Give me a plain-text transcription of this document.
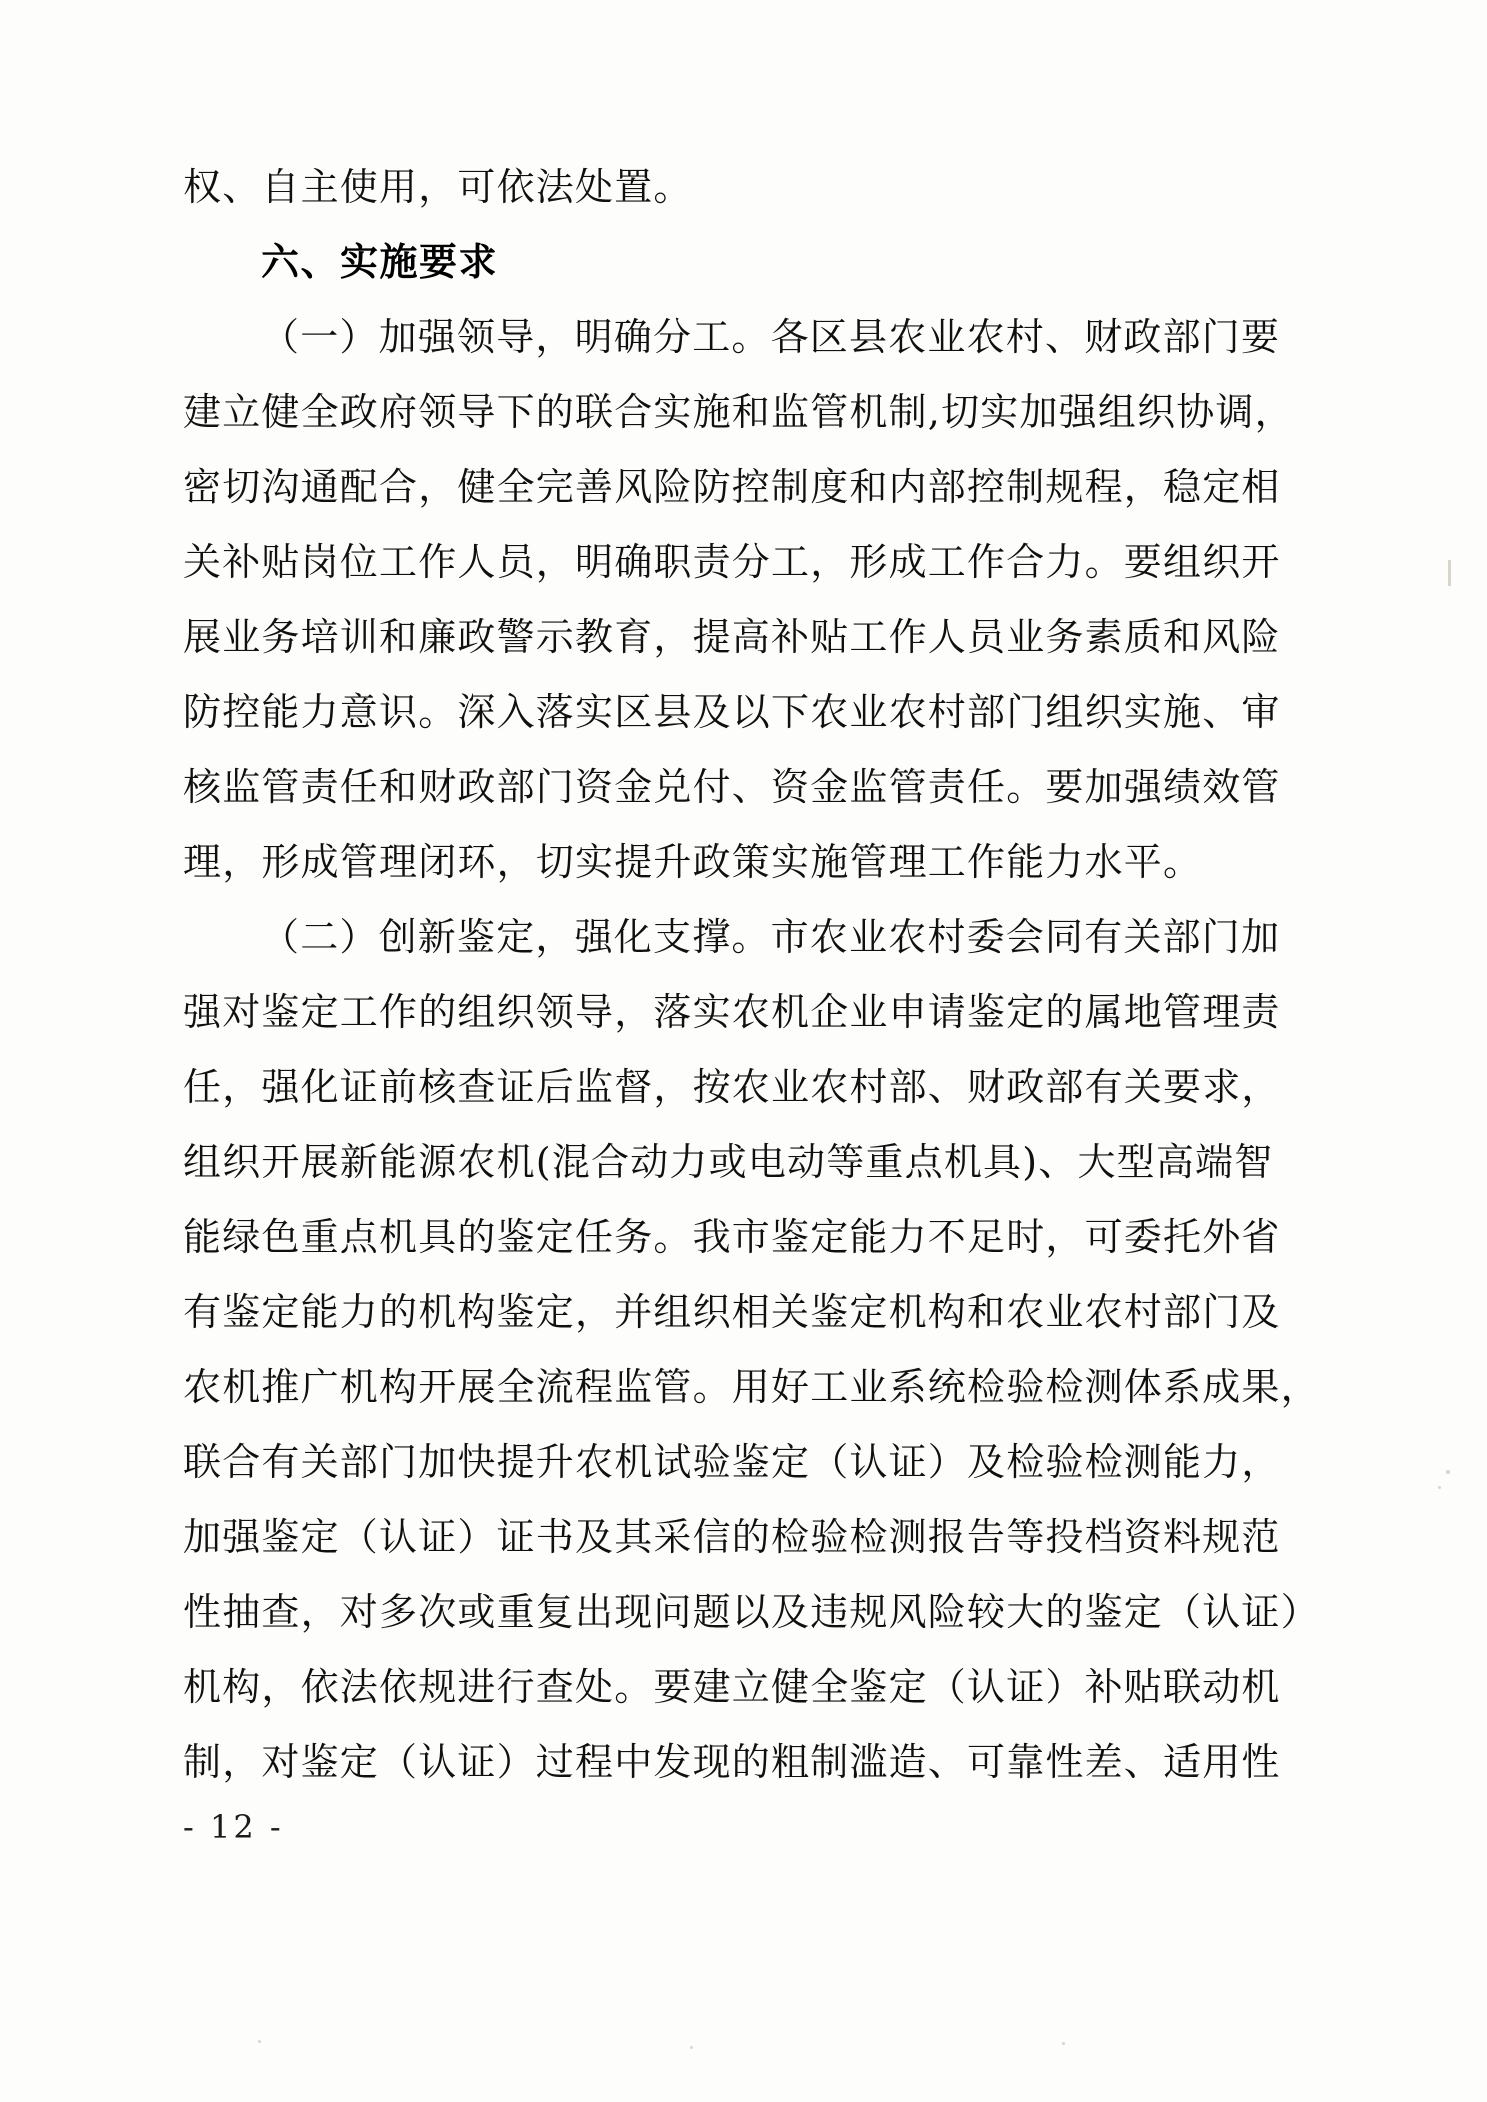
权、自主使用，可依法处置。
六、实施要求
（一）加强领导，明确分工。各区县农业农村、财政部门要
建立健全政府领导下的联合实施和监管机制,切实加强组织协调，
密切沟通配合，健全完善风险防控制度和内部控制规程，稳定相
关补贴岗位工作人员，明确职责分工，形成工作合力。要组织开
展业务培训和廉政警示教育，提高补贴工作人员业务素质和风险
防控能力意识。深入落实区县及以下农业农村部门组织实施、审
核监管责任和财政部门资金兑付、资金监管责任。要加强绩效管
理，形成管理闭环，切实提升政策实施管理工作能力水平。
（二）创新鉴定，强化支撑。市农业农村委会同有关部门加
强对鉴定工作的组织领导，落实农机企业申请鉴定的属地管理责
任，强化证前核查证后监督，按农业农村部、财政部有关要求，
组织开展新能源农机(混合动力或电动等重点机具)、大型高端智
能绿色重点机具的鉴定任务。我市鉴定能力不足时，可委托外省
有鉴定能力的机构鉴定，并组织相关鉴定机构和农业农村部门及
农机推广机构开展全流程监管。用好工业系统检验检测体系成果，
联合有关部门加快提升农机试验鉴定（认证）及检验检测能力，
加强鉴定（认证）证书及其采信的检验检测报告等投档资料规范
性抽查，对多次或重复出现问题以及违规风险较大的鉴定（认证）
机构，依法依规进行查处。要建立健全鉴定（认证）补贴联动机
制，对鉴定（认证）过程中发现的粗制滥造、可靠性差、适用性
- 12 -
